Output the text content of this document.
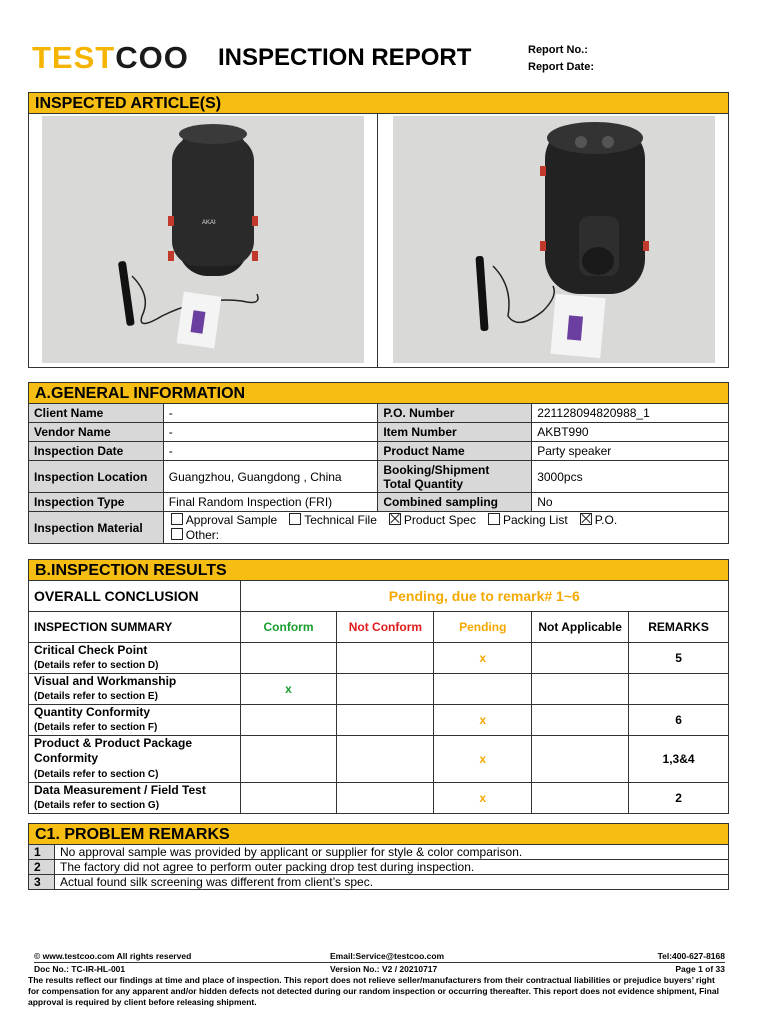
TESTCOO INSPECTION REPORT	Report No.:
Report Date:
INSPECTED ARTICLE(S)
AKAI
A.GENERAL INFORMATION
Client Name	-	P.O. Number	221128094820988_1
Vendor Name	-	Item Number	AKBT990
Inspection Date	-	Product Name	Party speaker
Inspection Location	Guangzhou, Guangdong , China	Booking/Shipment
Total Quantity	3000pcs
Inspection Type	Final Random Inspection (FRI)	Combined sampling	No
Inspection Material	Approval Sample Technical File Product Spec Packing List P.O.
Other:		
B.INSPECTION RESULTS
OVERALL CONCLUSION	Pending, due to remark# 1~6				
INSPECTION SUMMARY	Conform	Not Conform	Pending	Not Applicable	REMARKS
Critical Check Point
(Details refer to section D)			x		5
Visual and Workmanship
(Details refer to section E)	x				
Quantity Conformity
(Details refer to section F)			x		6
Product & Product Package
Conformity
(Details refer to section C)			x		1,3&4
Data Measurement / Field Test
(Details refer to section G)			x		2
C1. PROBLEM REMARKS
1	No approval sample was provided by applicant or supplier for style & color comparison.
2	The factory did not agree to perform outer packing drop test during inspection.
3	Actual found silk screening was different from client’s spec.
© www.testcoo.com All rights reserved	Email:Service@testcoo.com	Tel:400-627-8168
Doc No.: TC-IR-HL-001	Version No.: V2 / 20210717	Page 1 of 33
The results reflect our findings at time and place of inspection. This report does not relieve seller/manufacturers from their contractual liabilities or prejudice buyers’ right for compensation for any apparent and/or hidden defects not detected during our random inspection or occurring thereafter. This report does not evidence shipment, Final approval is required by client before releasing shipment.
